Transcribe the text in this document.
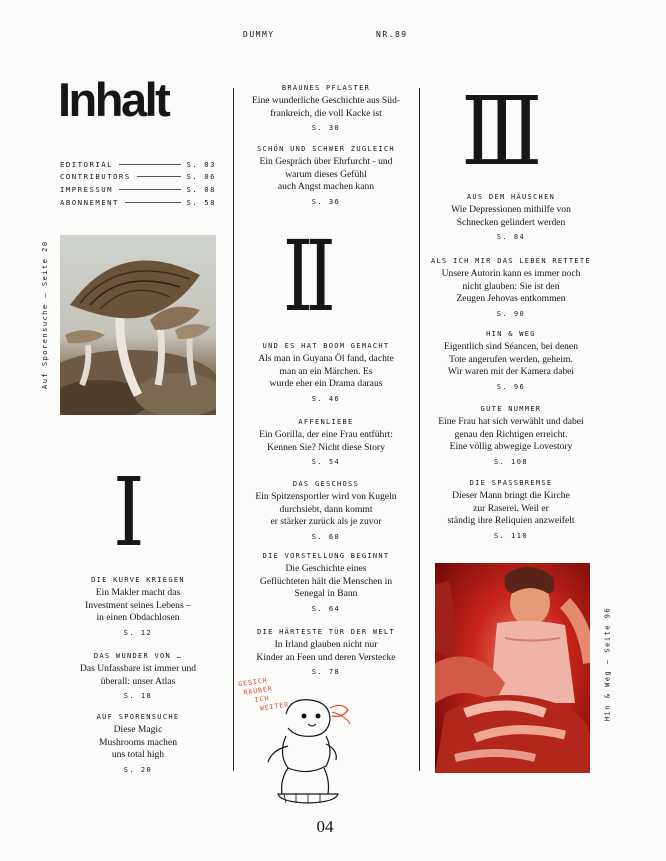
DUMMY	NR.89
Inhalt
EDITORIAL	S. 03
CONTRIBUTORS	S. 06
IMPRESSUM	S. 08
ABONNEMENT	S. 58
Auf Sporensuche — Seite 20
I
II
III
DIE KURVE KRIEGEN
Ein Makler macht das
Investment seines Lebens –
in einen Obdachlosen
S. 12
DAS WUNDER VON …
Das Unfassbare ist immer und
überall: unser Atlas
S. 18
AUF SPORENSUCHE
Diese Magic
Mushrooms machen
uns total high
S. 20
BRAUNES PFLASTER
Eine wunderliche Geschichte aus Süd-
frankreich, die voll Kacke ist
S. 30
SCHÖN UND SCHWER ZUGLEICH
Ein Gespräch über Ehrfurcht - und
warum dieses Gefühl
auch Angst machen kann
S. 36
UND ES HAT BOOM GEMACHT
Als man in Guyana Öl fand, dachte
man an ein Märchen. Es
wurde eher ein Drama daraus
S. 46
AFFENLIEBE
Ein Gorilla, der eine Frau entführt:
Kennen Sie? Nicht diese Story
S. 54
DAS GESCHOSS
Ein Spitzensportler wird von Kugeln
durchsiebt, dann kommt
er stärker zurück als je zuvor
S. 60
DIE VORSTELLUNG BEGINNT
Die Geschichte eines
Geflüchteten hält die Menschen in
Senegal in Bann
S. 64
DIE HÄRTESTE TÜR DER WELT
In Irland glauben nicht nur
Kinder an Feen und deren Verstecke
S. 78
AUS DEM HÄUSCHEN
Wie Depressionen mithilfe von
Schnecken gelindert werden
S. 84
ALS ICH MIR DAS LEBEN RETTETE
Unsere Autorin kann es immer noch
nicht glauben: Sie ist den
Zeugen Jehovas entkommen
S. 90
HIN & WEG
Eigentlich sind Séancen, bei denen
Tote angerufen werden, geheim.
Wir waren mit der Kamera dabei
S. 96
GUTE NUMMER
Eine Frau hat sich verwählt und dabei
genau den Richtigen erreicht.
Eine völlig abwegige Lovestory
S. 108
DIE SPASSBREMSE
Dieser Mann bringt die Kirche
zur Raserei. Weil er
ständig ihre Reliquien anzweifelt
S. 110
Hin & Weg — Seite 96
GESICH
RAUBER
ICH
WEITER
04
